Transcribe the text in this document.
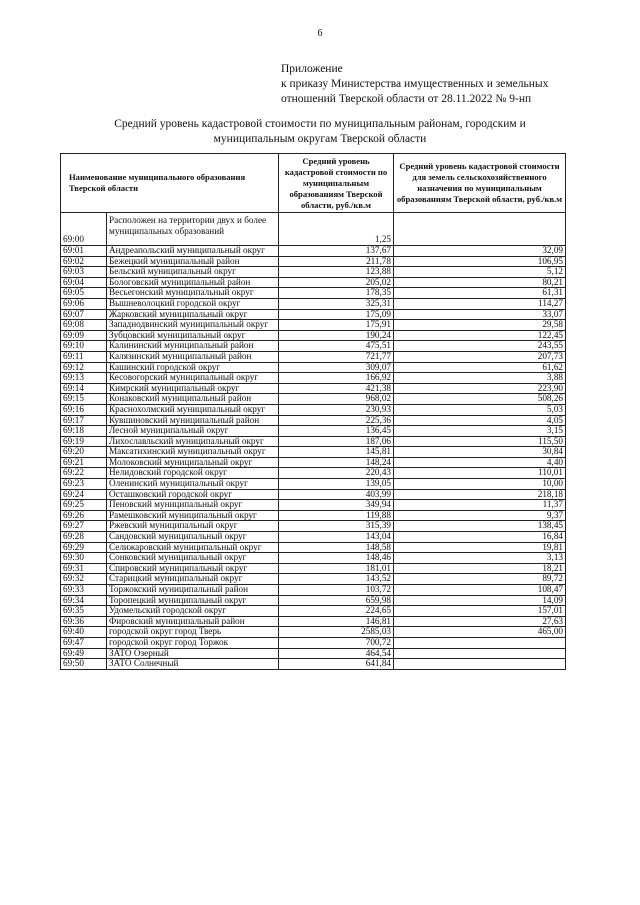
6
Приложение
к приказу Министерства имущественных и земельных
отношений Тверской области от 28.11.2022 № 9-нп
Средний уровень кадастровой стоимости по муниципальным районам, городским и
муниципальным округам Тверской области
Наименование муниципального образования Тверской области		Средний уровень кадастровой стоимости по муниципальным образованиям Тверской области, руб./кв.м	Средний уровень кадастровой стоимости для земель сельскохозяйственного назначения по муниципальным образованиям Тверской области, руб./кв.м
69:00	Расположен на территории двух и более муниципальных образований	1,25	
69:01	Андреапольский муниципальный округ	137,67	32,09
69:02	Бежецкий муниципальный район	211,78	106,95
69:03	Бельский муниципальный округ	123,88	5,12
69:04	Бологовский муниципальный район	205,02	80,21
69:05	Весьегонский муниципальный округ	178,35	61,31
69:06	Вышневолоцкий городской округ	325,31	114,27
69:07	Жарковский муниципальный округ	175,09	33,07
69:08	Западнодвинский муниципальный округ	175,91	29,58
69:09	Зубцовский муниципальный округ	190,24	122,45
69:10	Калининский муниципальный район	475,51	243,55
69:11	Калязинский муниципальный район	721,77	207,73
69:12	Кашинский городской округ	309,07	61,62
69:13	Кесовогорский муниципальный округ	166,92	3,88
69:14	Кимрский муниципальный округ	421,38	223,90
69:15	Конаковский муниципальный район	968,02	508,26
69:16	Краснохолмский муниципальный округ	230,93	5,03
69:17	Кувшиновский муниципальный район	225,36	4,05
69:18	Лесной муниципальный округ	136,45	3,15
69:19	Лихославльский муниципальный округ	187,06	115,50
69:20	Максатихинский муниципальный округ	145,81	30,84
69:21	Молоковский муниципальный округ	148,24	4,40
69:22	Нелидовский городской округ	220,43	110,01
69:23	Оленинский муниципальный округ	139,05	10,00
69:24	Осташковский городской округ	403,99	218,18
69:25	Пеновский муниципальный округ	349,94	11,37
69:26	Рамешковский муниципальный округ	119,88	9,37
69:27	Ржевский муниципальный округ	315,39	138,45
69:28	Сандовский муниципальный округ	143,04	16,84
69:29	Селижаровский муниципальный округ	148,58	19,81
69:30	Сонковский муниципальный округ	148,46	3,13
69:31	Спировский муниципальный округ	181,01	18,21
69:32	Старицкий муниципальный округ	143,52	89,72
69:33	Торжокский муниципальный район	103,72	108,47
69:34	Торопецкий муниципальный округ	659,98	14,09
69:35	Удомельский городской округ	224,65	157,01
69:36	Фировский муниципальный район	146,81	27,63
69:40	городской округ город Тверь	2585,03	465,00
69:47	городской округ город Торжок	700,72	
69:49	ЗАТО Озерный	464,54	
69:50	ЗАТО Солнечный	641,84	
